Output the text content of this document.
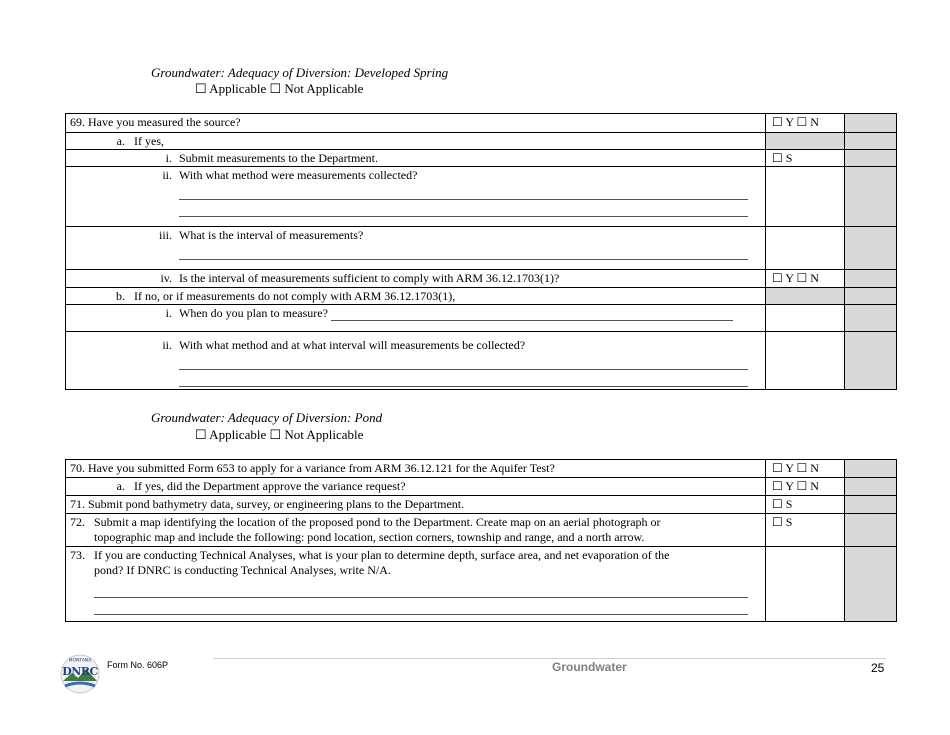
Groundwater: Adequacy of Diversion: Developed Spring
☐ Applicable ☐ Not Applicable
69. Have you measured the source?	☐ Y ☐ N	
a. If yes,		
i. Submit measurements to the Department.	☐ S	
ii. With what method were measurements collected?

iii. What is the interval of measurements?

iv. Is the interval of measurements sufficient to comply with ARM 36.12.1703(1)?	☐ Y ☐ N	
b. If no, or if measurements do not comply with ARM 36.12.1703(1),		
i. When do you plan to measure?		

ii. With what method and at what interval will measurements be collected?		

Groundwater: Adequacy of Diversion: Pond
☐ Applicable ☐ Not Applicable
70. Have you submitted Form 653 to apply for a variance from ARM 36.12.121 for the Aquifer Test?	☐ Y ☐ N	
a. If yes, did the Department approve the variance request?	☐ Y ☐ N	
71. Submit pond bathymetry data, survey, or engineering plans to the Department.	☐ S	

72. Submit a map identifying the location of the proposed pond to the Department. Create map on an aerial photograph or
topographic map and include the following: pond location, section corners, township and range, and a north arrow.	☐ S	

73. If you are conducting Technical Analyses, what is your plan to determine depth, surface area, and net evaporation of the
pond? If DNRC is conducting Technical Analyses, write N/A.		

MONTANA
DNRC Form No. 606P	Groundwater	25
